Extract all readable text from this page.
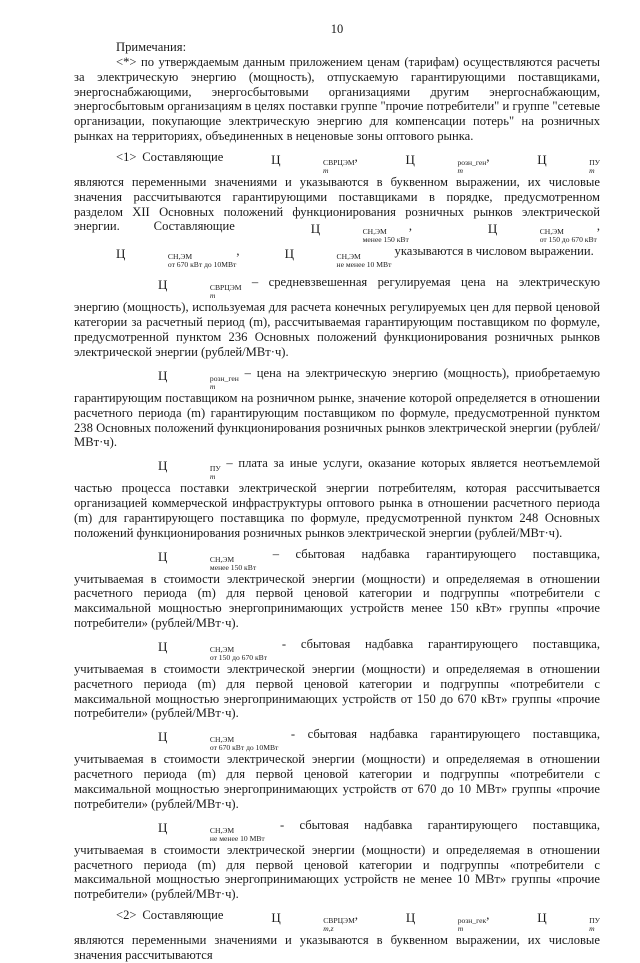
10

Примечания:

<*> по утверждаемым данным приложением ценам (тарифам) осуществляются расчеты за электрическую энергию (мощность), отпускаемую гарантирующими поставщиками, энергоснабжающими, энергосбытовыми организациями другим энергоснабжающим, энергосбытовым организациям в целях поставки группе "прочие потребители" и группе "сетевые организации, покупающие электрическую энергию для компенсации потерь" на розничных рынках на территориях, объединенных в неценовые зоны оптового рынка.

<1> Составляющие	Ц	СВРЦЭМ
m
,	Ц	розн_ген
m
,	Ц	ПУ
m
являются переменными значениями и указываются в буквенном выражении, их числовые значения рассчитываются гарантирующими поставщиками в порядке, предусмотренном разделом XII Основных положений функционирования розничных рынков электрической энергии. Составляющие	Ц	СН,ЭМ
менее 150 кВт
,	Ц	СН,ЭМ
от 150 до 670 кВт
, Ц	СН,ЭМ
от 670 кВт до 10МВт
,	Ц	СН,ЭМ
не менее 10 МВт
указываются в числовом выражении.

Ц	СВРЦЭМ
m
– средневзвешенная регулируемая цена на электрическую энергию (мощность), используемая для расчета конечных регулируемых цен для первой ценовой категории за расчетный период (m), рассчитываемая гарантирующим поставщиком по формуле, предусмотренной пунктом 236 Основных положений функционирования розничных рынков электрической энергии (рублей/МВт·ч).

Ц	розн_ген
m
– цена на электрическую энергию (мощность), приобретаемую гарантирующим поставщиком на розничном рынке, значение которой определяется в отношении расчетного периода (m) гарантирующим поставщиком по формуле, предусмотренной пунктом 238 Основных положений функционирования розничных рынков электрической энергии (рублей/МВт·ч).

Ц	ПУ
m
– плата за иные услуги, оказание которых является неотъемлемой частью процесса поставки электрической энергии потребителям, которая рассчитывается организацией коммерческой инфраструктуры оптового рынка в отношении расчетного периода (m) для гарантирующего поставщика по формуле, предусмотренной пунктом 248 Основных положений функционирования розничных рынков электрической энергии (рублей/МВт·ч).

Ц	СН,ЭМ
менее 150 кВт
– сбытовая надбавка гарантирующего поставщика, учитываемая в стоимости электрической энергии (мощности) и определяемая в отношении расчетного периода (m) для первой ценовой категории и подгруппы «потребители с максимальной мощностью энергопринимающих устройств менее 150 кВт» группы «прочие потребители» (рублей/МВт·ч).

Ц	СН,ЭМ
от 150 до 670 кВт
- сбытовая надбавка гарантирующего поставщика, учитываемая в стоимости электрической энергии (мощности) и определяемая в отношении расчетного периода (m) для первой ценовой категории и подгруппы «потребители с максимальной мощностью энергопринимающих устройств от 150 до 670 кВт» группы «прочие потребители» (рублей/МВт·ч).

Ц	СН,ЭМ
от 670 кВт до 10МВт
- сбытовая надбавка гарантирующего поставщика, учитываемая в стоимости электрической энергии (мощности) и определяемая в отношении расчетного периода (m) для первой ценовой категории и подгруппы «потребители с максимальной мощностью энергопринимающих устройств от 670 до 10 МВт» группы «прочие потребители» (рублей/МВт·ч).

Ц	СН,ЭМ
не менее 10 МВт
- сбытовая надбавка гарантирующего поставщика, учитываемая в стоимости электрической энергии (мощности) и определяемая в отношении расчетного периода (m) для первой ценовой категории и подгруппы «потребители с максимальной мощностью энергопринимающих устройств не менее 10 МВт» группы «прочие потребители» (рублей/МВт·ч).

<2> Составляющие	Ц	СВРЦЭМ
m,z
,	Ц	розн_гек
m
,	Ц	ПУ
m
являются переменными значениями и указываются в буквенном выражении, их числовые значения рассчитываются
